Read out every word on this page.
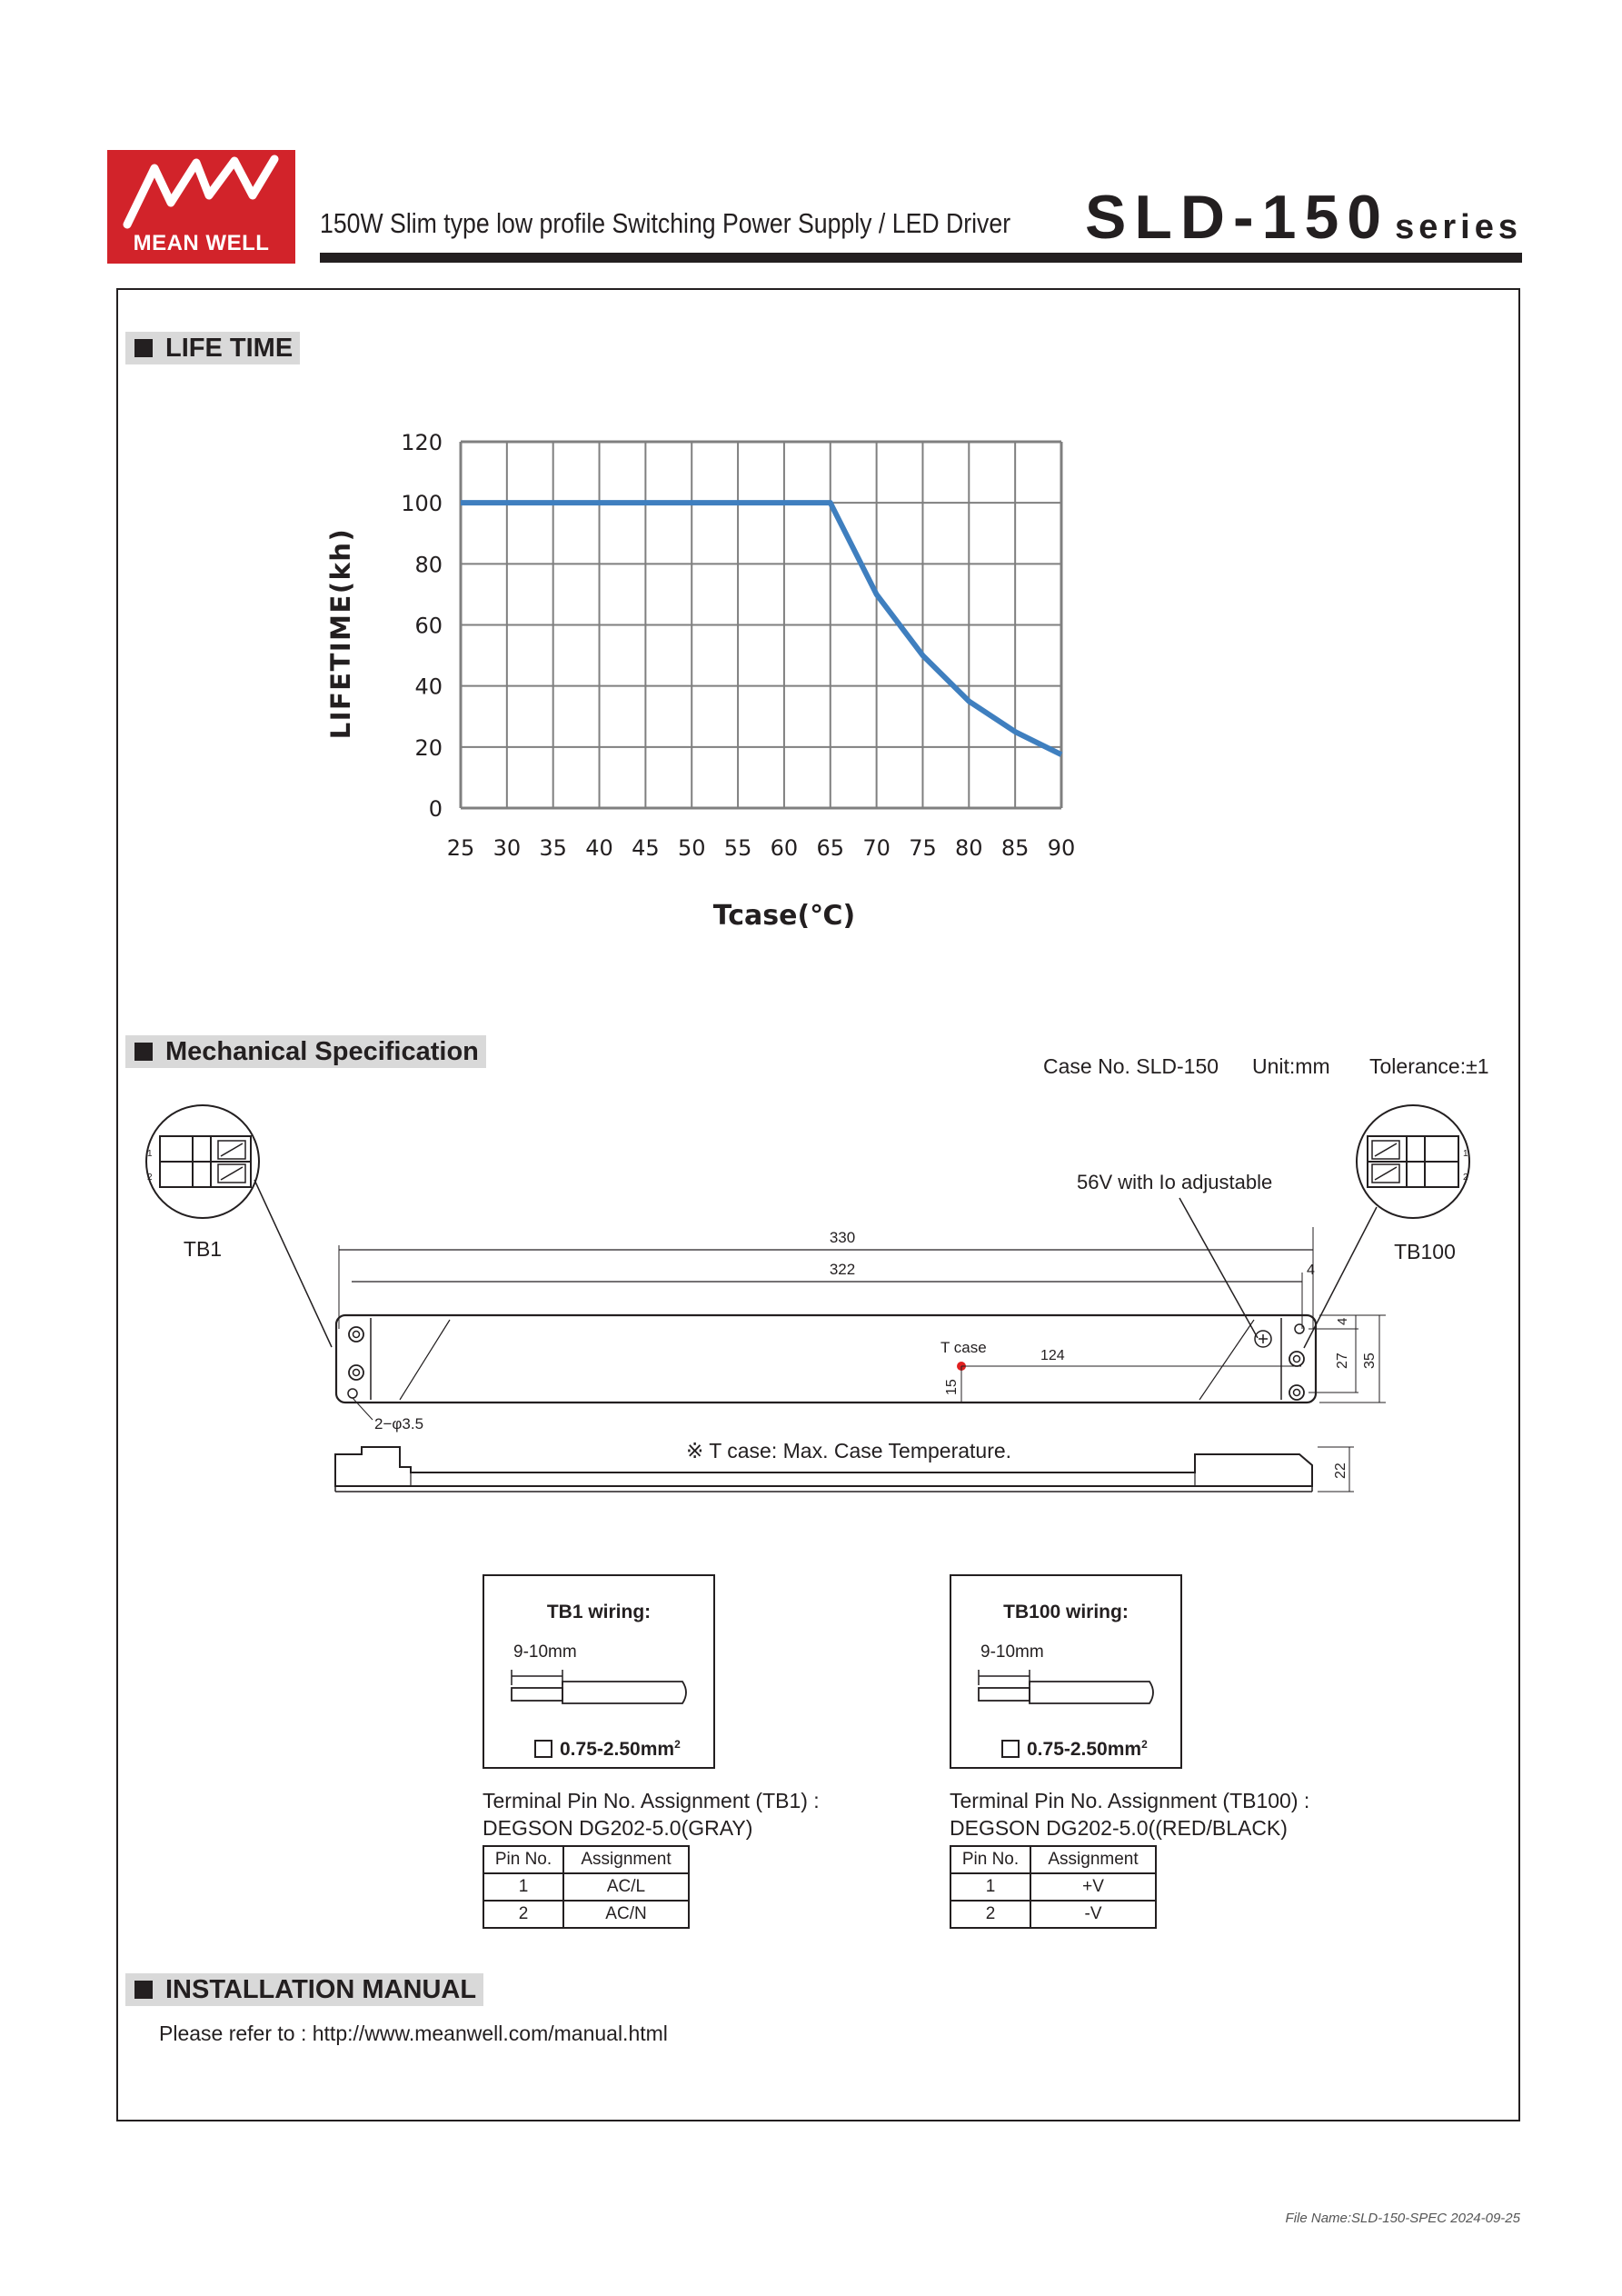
MEAN WELL
150W Slim type low profile Switching Power Supply / LED Driver SLD-150 series
LIFE TIME
25 30 35 40 45 50 55 60 65 70 75 80 85 90
0
20
40
60
80
100
120
LIFETIME(kh)
Tcase(℃)
Mechanical Specification	Case No. SLD-150 Unit:mm Tolerance:±1
1
2
TB1
1
2
TB100
56V with Io adjustable
330
322	4
T case	124
15
4
27 35
2−φ3.5
22
※ T case: Max. Case Temperature.
TB1 wiring:
9-10mm
$0.75-2.50mm^2$
TB100 wiring:
9-10mm
$0.75-2.50mm^2$
Terminal Pin No. Assignment (TB1) :
DEGSON DG202-5.0(GRAY)
Pin No.	Assignment
1	AC/L
2	AC/N
Terminal Pin No. Assignment (TB100) :
DEGSON DG202-5.0((RED/BLACK)
Pin No.	Assignment
1	+V
2	-V
INSTALLATION MANUAL
Please refer to : http://www.meanwell.com/manual.html
File Name:SLD-150-SPEC 2024-09-25
